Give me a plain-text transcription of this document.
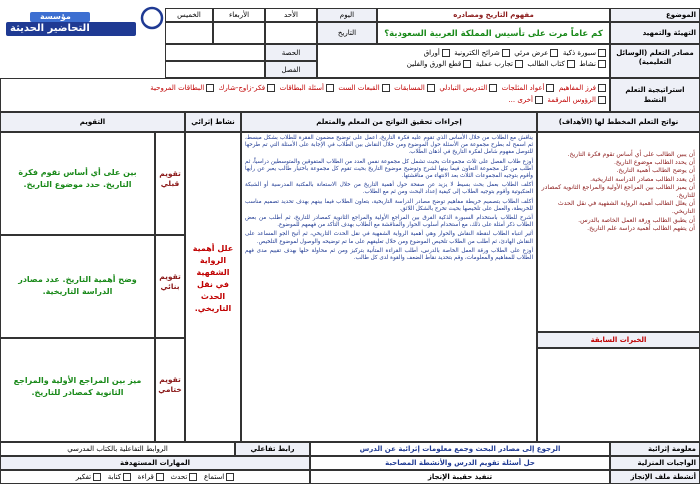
الموضوع
مفهوم التاريخ ومصادره
اليوم
الأحد
الأربعاء
الخميس
التهيئة والتمهيد
كم عاماً مرت على تأسيس المملكة العربية السعودية؟
التاريخ
مصادر التعلم (الوسائل التعليمية)
سبورة ذكية  عرض مرئي  شرائح الكترونية  أوراق
نشاط  كتاب الطالب  تجارب عملية  قطع الورق والفلين
الحصة
الفصل
مؤسسة
التحاضير الحديثة
استراتيجية التعلم النشط
فرز المفاهيم  أعواد المثلجات  التدريس التبادلي  المسابقات  القبعات الست  أسئلة البطاقات  فكر-زاوج-شارك  البطاقات المروحية
الرؤوس المرقمة  أخرى ...
نواتج التعلم المخطط لها (الأهداف)
إجراءات تحقيق النواتج من المعلم والمتعلم
نشاط إثرائي
التقويم
أن يبين الطالب على أي أساس تقوم فكرة التاريخ.
أن يحدد الطالب موضوع التاريخ.
أن يوضح الطالب أهمية التاريخ.
أن يعدد الطالب مصادر الدراسة التاريخية.
أن يميز الطالب بين المراجع الأولية والمراجع الثانوية كمصادر للتاريخ.
أن يعلل الطالب أهمية الرواية الشفهية في نقل الحدث التاريخي.
أن يطبق الطالب ورقة العمل الخاصة بالدرس.
أن يتفهم الطالب أهمية دراسة علم التاريخ.
الخبرات السابقة
يناقش مع الطلاب من خلال الأساس الذي تقوم عليه فكرة التاريخ، اعمل على توضيح مضمون الفقرة للطلاب بشكل مبسط، ثم اسمح له بطرح مجموعة من الأسئلة حول الموضوع ومن خلال النقاش بين الطلاب في الإجابة على الأسئلة التي تم طرحها للتوصل مفهوم شامل لفكرة التاريخ في أذهان الطلاب.
أوزع طلاب الفصل على ثلاث مجموعات بحيث تشمل كل مجموعة نفس العدد من الطلاب المتفوقين والمتوسطين دراسياً، ثم أطلب من كل مجموعة التعاون فيما بينها لشرح وتوضيح موضوع التاريخ بحيث تقوم كل مجموعة باختيار طالب يعبر عن رأيها وأقوم بتوجيه المجموعات الثلاث بعد الانتهاء من مناقشتها.
أكلف الطلاب بعمل بحث بسيط لا يزيد عن صفحة حول أهمية التاريخ من خلال الاستعانة بالمكتبة المدرسية أو الشبكة العنكبوتية وأقوم بتوجيه الطلاب إلى كيفية إعداد البحث ومن ثم مع الطلاب.
أكلف الطلاب بتصميم خريطة مفاهيم توضح مصادر الدراسة التاريخية، بتعاون الطلاب فيما بينهم بهدف تحديد تصميم مناسب للخريطة، والعمل على تلخيصها بحيث تخرج بالشكل اللائق.
أشرح للطلاب باستخدام السبورة الذكية الفرق بين المراجع الأولية والمراجع الثانوية كمصادر للتاريخ، ثم أطلب من بعض الطلاب ذكر أمثلة على ذلك، مع استخدام أسلوب الحوار والمناقشة مع الطلاب بهدف التأكد من فهمهم للموضوع.
أثير انتباه الطلاب لنقطة النقاش والحوار وهي أهمية الرواية الشفهية في نقل الحدث التاريخي، ثم أتيح الجو المساعد على النقاش الهادئ، ثم أطلب من الطلاب تلخيص الموضوع ومن خلال تعليقهم على ما تم توضيحه والوصول لموضوع التلخيص.
أوزع على الطلاب ورقة العمل الخاصة بالدرس، أطلب القراءة المتأنية بتركيز ومن ثم محاولة حلها بهدف تقييم مدى فهم الطلاب للمفاهيم والمعلومات، وقم بتحديد نقاط الضعف والقوة لدى كل طالب.
علل أهمية الرواية الشفهية في نقل الحدث التاريخي.
تقويم قبلي
تقويم بنائي
تقويم ختامي
بين على أي أساس تقوم فكرة التاريخ. حدد موضوع التاريخ.
وضح أهمية التاريخ. عدد مصادر الدراسة التاريخية.
ميز بين المراجع الأولية والمراجع الثانوية كمصادر للتاريخ.
معلومة إثرائية
الرجوع إلى مصادر البحث وجمع معلومات إثرائية عن الدرس
رابط تفاعلي
الروابط التفاعلية بالكتاب المدرسي
الواجبات المنزلية
حل أسئلة تقويم الدرس والأنشطة المصاحبة
المهارات المستهدفة
أنشطة ملف الإنجاز
تنفيذ حقيبة الإنجاز
استماع   تحدث   قراءة   كتابة   تفكير
